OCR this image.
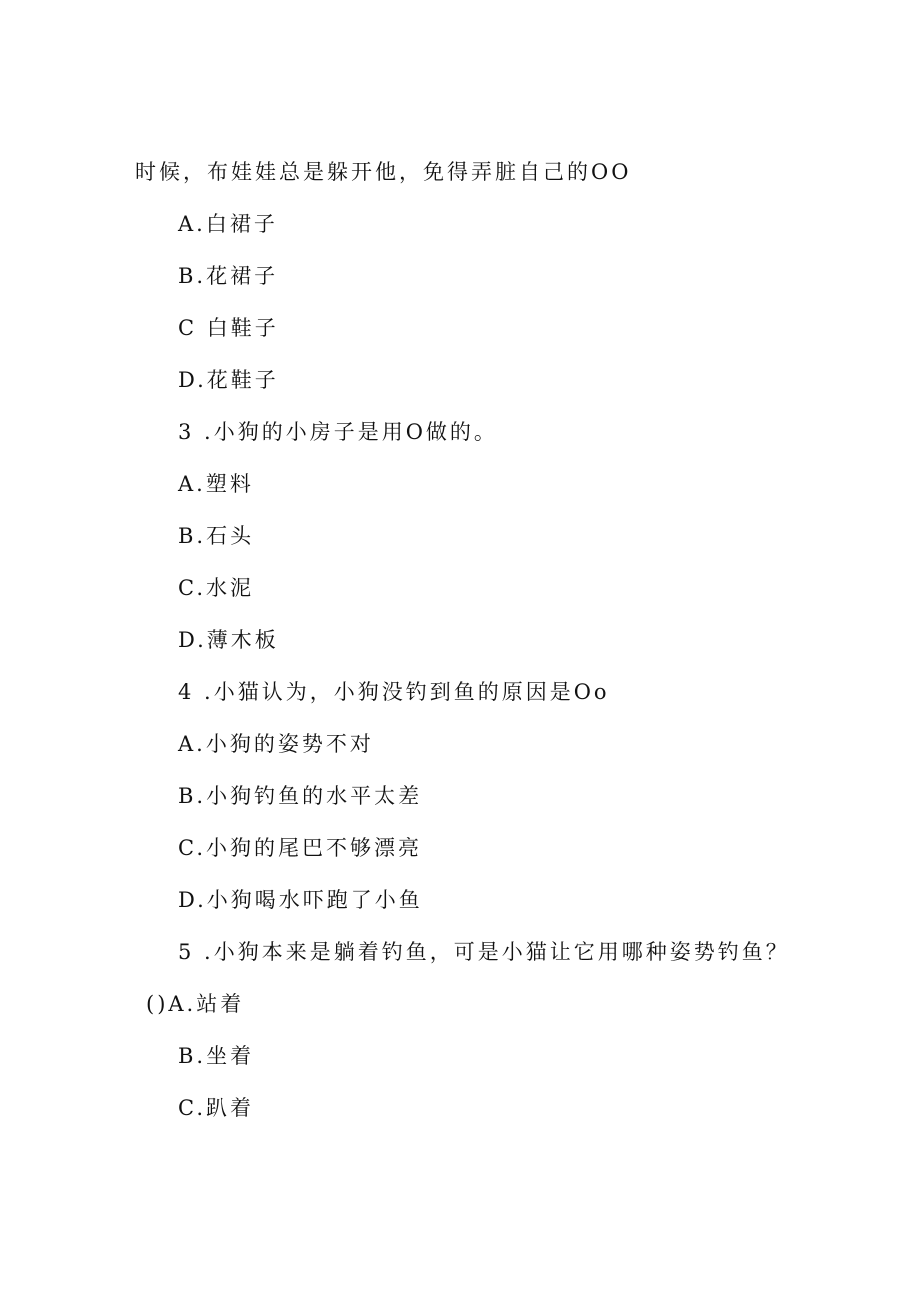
时候，布娃娃总是躲开他，免得弄脏自己的OO
A.白裙子
B.花裙子
C 白鞋子
D.花鞋子
3 .小狗的小房子是用O做的。
A.塑料
B.石头
C.水泥
D.薄木板
4 .小猫认为，小狗没钓到鱼的原因是Oo
A.小狗的姿势不对
B.小狗钓鱼的水平太差
C.小狗的尾巴不够漂亮
D.小狗喝水吓跑了小鱼
5 .小狗本来是躺着钓鱼，可是小猫让它用哪种姿势钓鱼？
()A.站着
B.坐着
C.趴着
